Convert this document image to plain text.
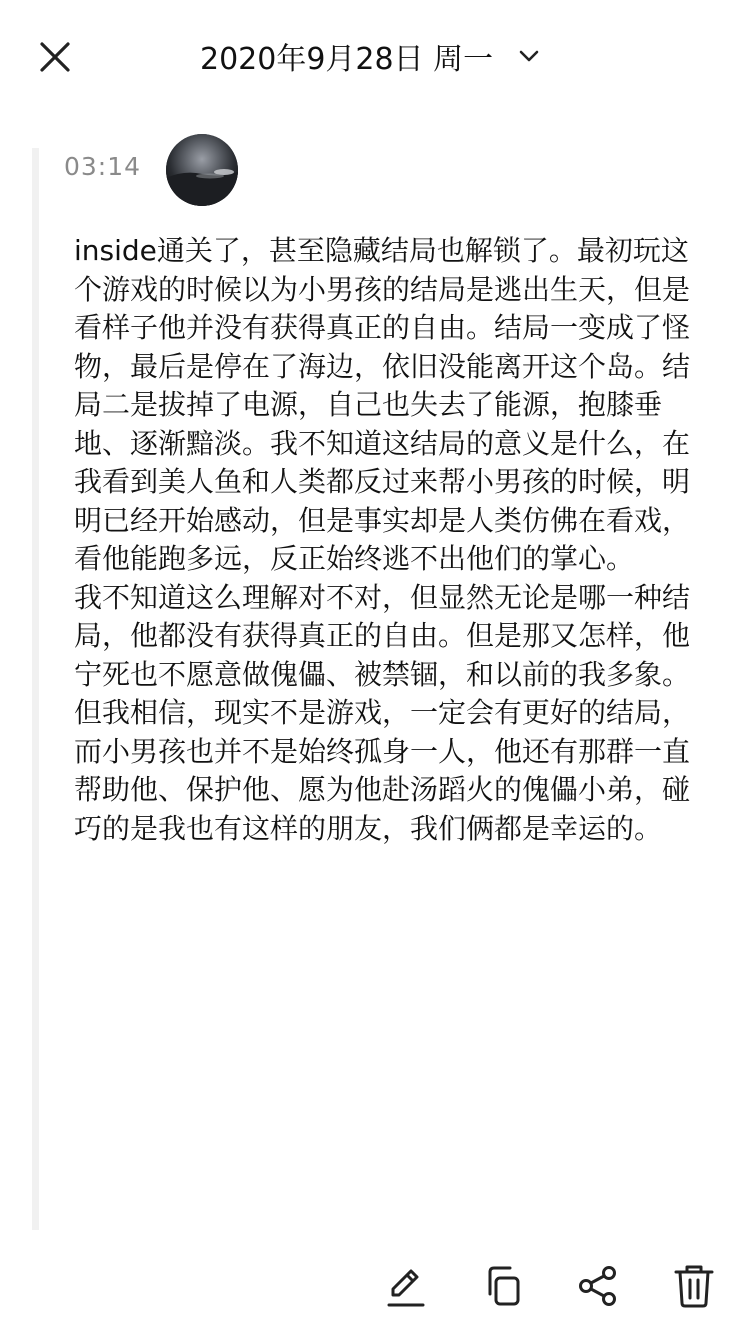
2020年9月28日 周一
03:14
inside通关了，甚至隐藏结局也解锁了。最初玩这个游戏的时候以为小男孩的结局是逃出生天，但是看样子他并没有获得真正的自由。结局一变成了怪物，最后是停在了海边，依旧没能离开这个岛。结局二是拔掉了电源，自己也失去了能源，抱膝垂地、逐渐黯淡。我不知道这结局的意义是什么，在我看到美人鱼和人类都反过来帮小男孩的时候，明明已经开始感动，但是事实却是人类仿佛在看戏，看他能跑多远，反正始终逃不出他们的掌心。
我不知道这么理解对不对，但显然无论是哪一种结局，他都没有获得真正的自由。但是那又怎样，他宁死也不愿意做傀儡、被禁锢，和以前的我多象。但我相信，现实不是游戏，一定会有更好的结局，而小男孩也并不是始终孤身一人，他还有那群一直帮助他、保护他、愿为他赴汤蹈火的傀儡小弟，碰巧的是我也有这样的朋友，我们俩都是幸运的。
